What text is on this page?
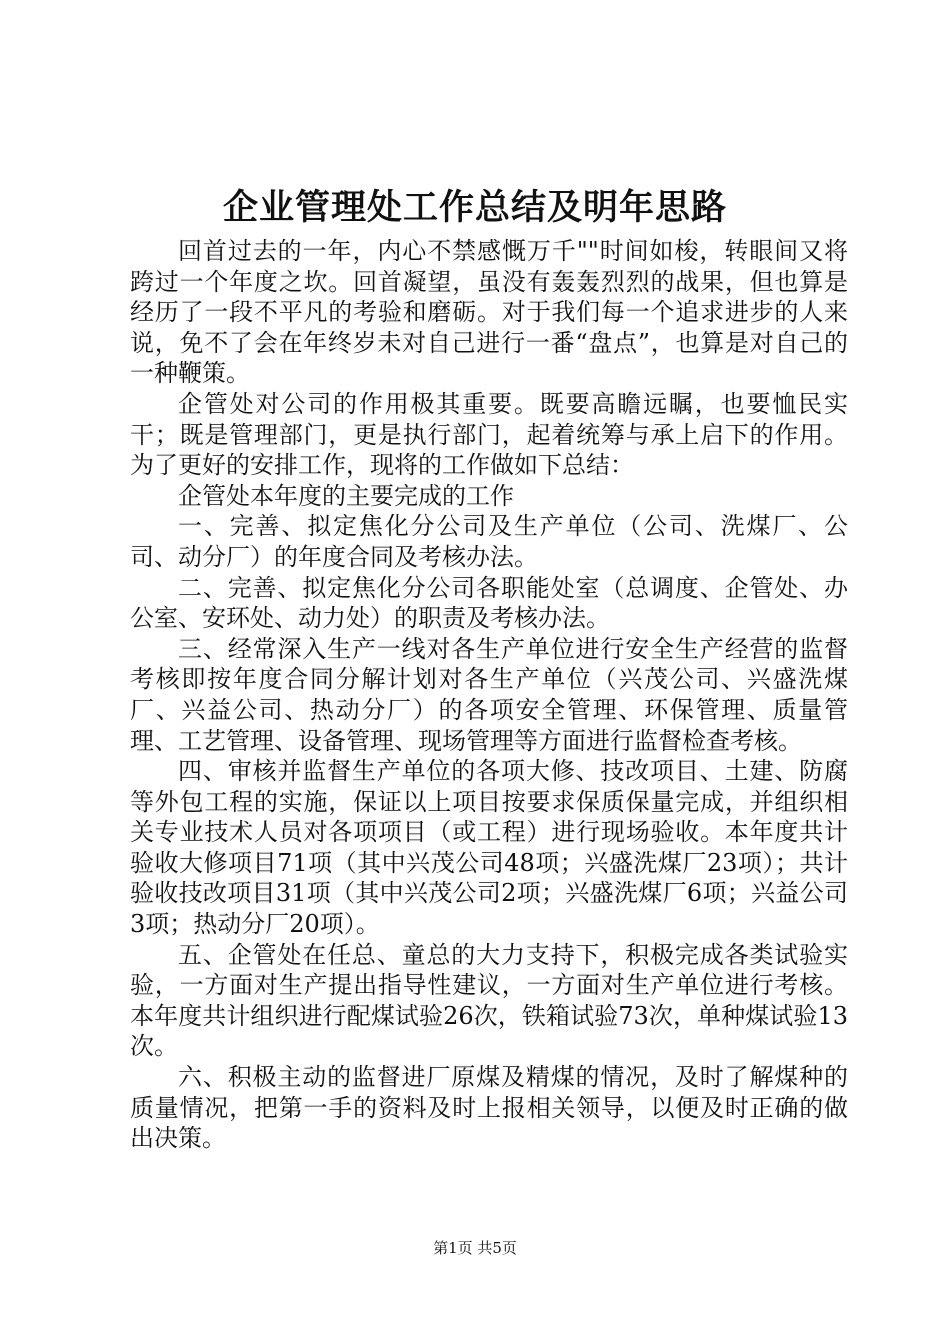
企业管理处工作总结及明年思路

回首过去的一年，内心不禁感慨万千""时间如梭，转眼间又将跨过一个年度之坎。回首凝望，虽没有轰轰烈烈的战果，但也算是经历了一段不平凡的考验和磨砺。对于我们每一个追求进步的人来说，免不了会在年终岁未对自己进行一番“盘点”，也算是对自己的一种鞭策。

企管处对公司的作用极其重要。既要高瞻远瞩，也要恤民实干；既是管理部门，更是执行部门，起着统筹与承上启下的作用。为了更好的安排工作，现将的工作做如下总结：

企管处本年度的主要完成的工作

一、完善、拟定焦化分公司及生产单位（公司、洗煤厂、公司、动分厂）的年度合同及考核办法。

二、完善、拟定焦化分公司各职能处室（总调度、企管处、办公室、安环处、动力处）的职责及考核办法。

三、经常深入生产一线对各生产单位进行安全生产经营的监督考核即按年度合同分解计划对各生产单位（兴茂公司、兴盛洗煤厂、兴益公司、热动分厂）的各项安全管理、环保管理、质量管理、工艺管理、设备管理、现场管理等方面进行监督检查考核。

四、审核并监督生产单位的各项大修、技改项目、土建、防腐等外包工程的实施，保证以上项目按要求保质保量完成，并组织相关专业技术人员对各项项目（或工程）进行现场验收。本年度共计验收大修项目71项（其中兴茂公司48项；兴盛洗煤厂23项）；共计验收技改项目31项（其中兴茂公司2项；兴盛洗煤厂6项；兴益公司3项；热动分厂20项）。

五、企管处在任总、童总的大力支持下，积极完成各类试验实验，一方面对生产提出指导性建议，一方面对生产单位进行考核。本年度共计组织进行配煤试验26次，铁箱试验73次，单种煤试验13次。

六、积极主动的监督进厂原煤及精煤的情况，及时了解煤种的质量情况，把第一手的资料及时上报相关领导，以便及时正确的做出决策。

第1页 共5页
